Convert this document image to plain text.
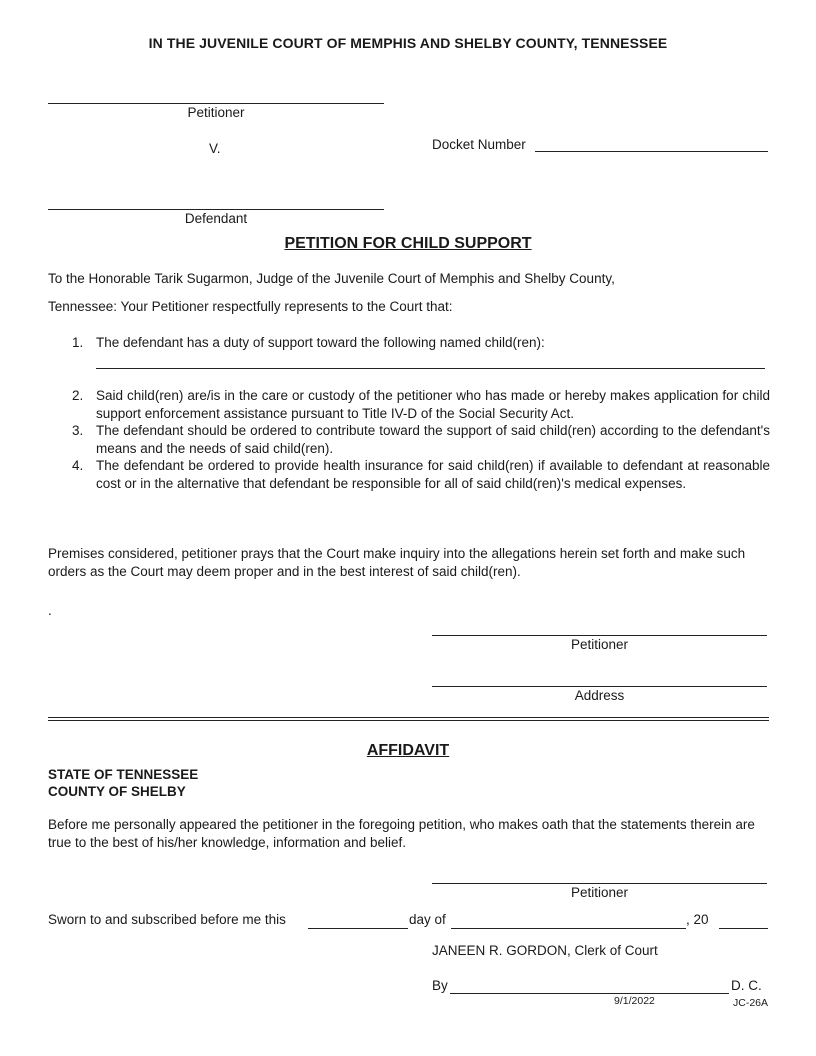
IN THE JUVENILE COURT OF MEMPHIS AND SHELBY COUNTY, TENNESSEE
Petitioner
V.	Docket Number
Defendant
PETITION FOR CHILD SUPPORT
To the Honorable Tarik Sugarmon, Judge of the Juvenile Court of Memphis and Shelby County,
Tennessee: Your Petitioner respectfully represents to the Court that:
1. The defendant has a duty of support toward the following named child(ren):
2. Said child(ren) are/is in the care or custody of the petitioner who has made or hereby makes application for child support enforcement assistance pursuant to Title IV-D of the Social Security Act.
3. The defendant should be ordered to contribute toward the support of said child(ren) according to the defendant's means and the needs of said child(ren).
4. The defendant be ordered to provide health insurance for said child(ren) if available to defendant at reasonable cost or in the alternative that defendant be responsible for all of said child(ren)'s medical expenses.
Premises considered, petitioner prays that the Court make inquiry into the allegations herein set forth and make such orders as the Court may deem proper and in the best interest of said child(ren).
.
Petitioner
Address
AFFIDAVIT
STATE OF TENNESSEE
COUNTY OF SHELBY
Before me personally appeared the petitioner in the foregoing petition, who makes oath that the statements therein are true to the best of his/her knowledge, information and belief.
Petitioner
Sworn to and subscribed before me this	day of	, 20
JANEEN R. GORDON, Clerk of Court
By	D. C.
9/1/2022	JC-26A
